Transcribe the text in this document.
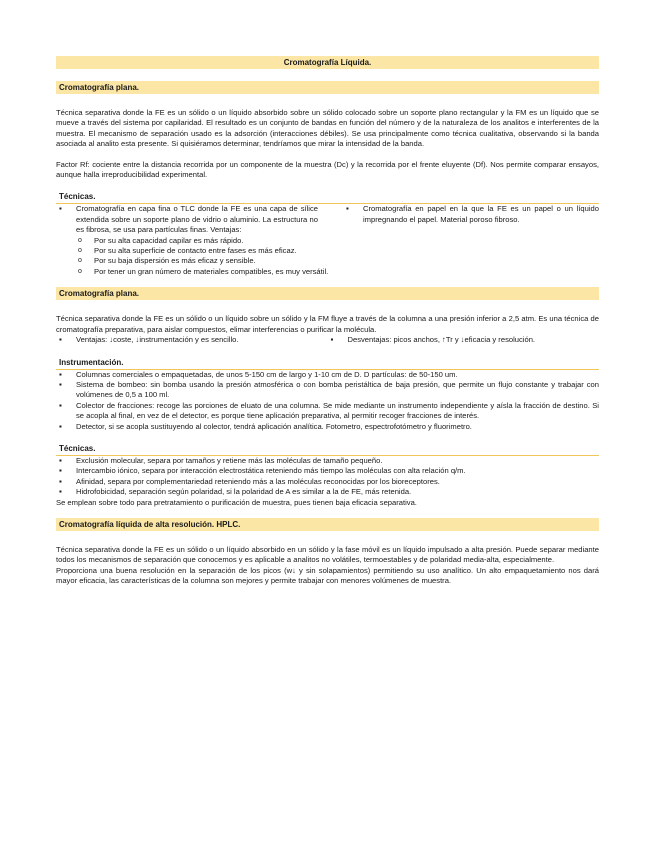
Cromatografía Líquida.
Cromatografía plana.

Técnica separativa donde la FE es un sólido o un líquido absorbido sobre un sólido colocado sobre un soporte plano rectangular y la FM es un líquido que se mueve a través del sistema por capilaridad. El resultado es un conjunto de bandas en función del número y de la naturaleza de los analitos e interferentes de la muestra. El mecanismo de separación usado es la adsorción (interacciones débiles). Se usa principalmente como técnica cualitativa, observando si la banda asociada al analito esta presente. Si quisiéramos determinar, tendríamos que mirar la intensidad de la banda.

Factor Rf: cociente entre la distancia recorrida por un componente de la muestra (Dc) y la recorrida por el frente eluyente (Df). Nos permite comparar ensayos, aunque halla irreproducibilidad experimental.

Técnicas.
▪ Cromatografía en capa fina o TLC donde la FE es una capa de sílice extendida sobre un soporte plano de vidrio o aluminio. La estructura no es fibrosa, se usa para partículas finas. Ventajas:
▪ Cromatografía en papel en la que la FE es un papel o un líquido impregnando el papel. Material poroso fibroso.
o Por su alta capacidad capilar es más rápido.
o Por su alta superficie de contacto entre fases es más eficaz.
o Por su baja dispersión es más eficaz y sensible.
o Por tener un gran número de materiales compatibles, es muy versátil.
Cromatografía plana.

Técnica separativa donde la FE es un sólido o un líquido sobre un sólido y la FM fluye a través de la columna a una presión inferior a 2,5 atm. Es una técnica de cromatografía preparativa, para aislar compuestos, elimar interferencias o purificar la molécula.

▪ Ventajas: ↓coste, ↓instrumentación y es sencillo.
▪	Desventajas: picos anchos, ↑Tr y ↓eficacia y resolución.
Instrumentación.
▪ Columnas comerciales o empaquetadas, de unos 5-150 cm de largo y 1-10 cm de D. D partículas: de 50-150 um.
▪ Sistema de bombeo: sin bomba usando la presión atmosférica o con bomba peristáltica de baja presión, que permite un flujo constante y trabajar con volúmenes de 0,5 a 100 ml.
▪ Colector de fracciones: recoge las porciones de eluato de una columna. Se mide mediante un instrumento independiente y aísla la fracción de destino. Si se acopla al final, en vez de el detector, es porque tiene aplicación preparativa, al permitir recoger fracciones de interés.
▪ Detector, si se acopla sustituyendo al colector, tendrá aplicación analítica. Fotometro, espectrofotómetro y fluorimetro.
Técnicas.
▪ Exclusión molecular, separa por tamaños y retiene más las moléculas de tamaño pequeño.
▪ Intercambio iónico, separa por interacción electrostática reteniendo más tiempo las moléculas con alta relación q/m.
▪ Afinidad, separa por complementariedad reteniendo más a las moléculas reconocidas por los bioreceptores.
▪ Hidrofobicidad, separación según polaridad, si la polaridad de A es similar a la de FE, más retenida.

Se emplean sobre todo para pretratamiento o purificación de muestra, pues tienen baja eficacia separativa.

Cromatografía líquida de alta resolución. HPLC.

Técnica separativa donde la FE es un sólido o un líquido absorbido en un sólido y la fase móvil es un líquido impulsado a alta presión. Puede separar mediante todos los mecanismos de separación que conocemos y es aplicable a analitos no volátiles, termoestables y de polaridad media-alta, especialmente.

Proporciona una buena resolución en la separación de los picos (w↓ y sin solapamientos) permitiendo su uso analítico. Un alto empaquetamiento nos dará mayor eficacia, las características de la columna son mejores y permite trabajar con menores volúmenes de muestra.
